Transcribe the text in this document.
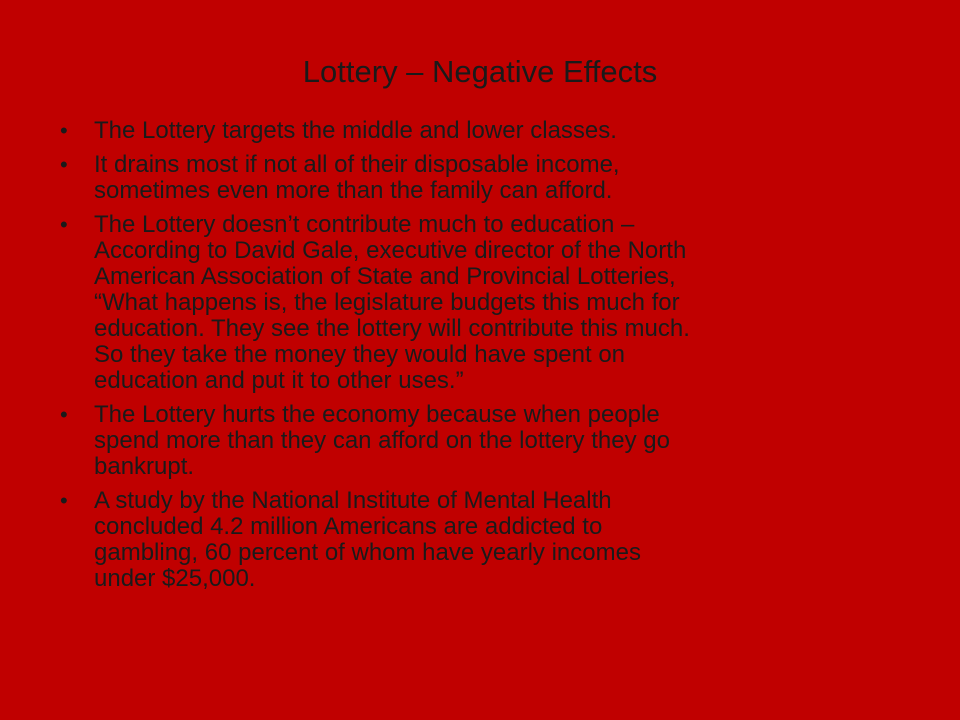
Lottery – Negative Effects
•	The Lottery targets the middle and lower classes.
•	It drains most if not all of their disposable income,
sometimes even more than the family can afford.
•	The Lottery doesn’t contribute much to education –
According to David Gale, executive director of the North
American Association of State and Provincial Lotteries,
“What happens is, the legislature budgets this much for
education. They see the lottery will contribute this much.
So they take the money they would have spent on
education and put it to other uses.”
•	The Lottery hurts the economy because when people
spend more than they can afford on the lottery they go
bankrupt.
•	A study by the National Institute of Mental Health
concluded 4.2 million Americans are addicted to
gambling, 60 percent of whom have yearly incomes
under $25,000.
